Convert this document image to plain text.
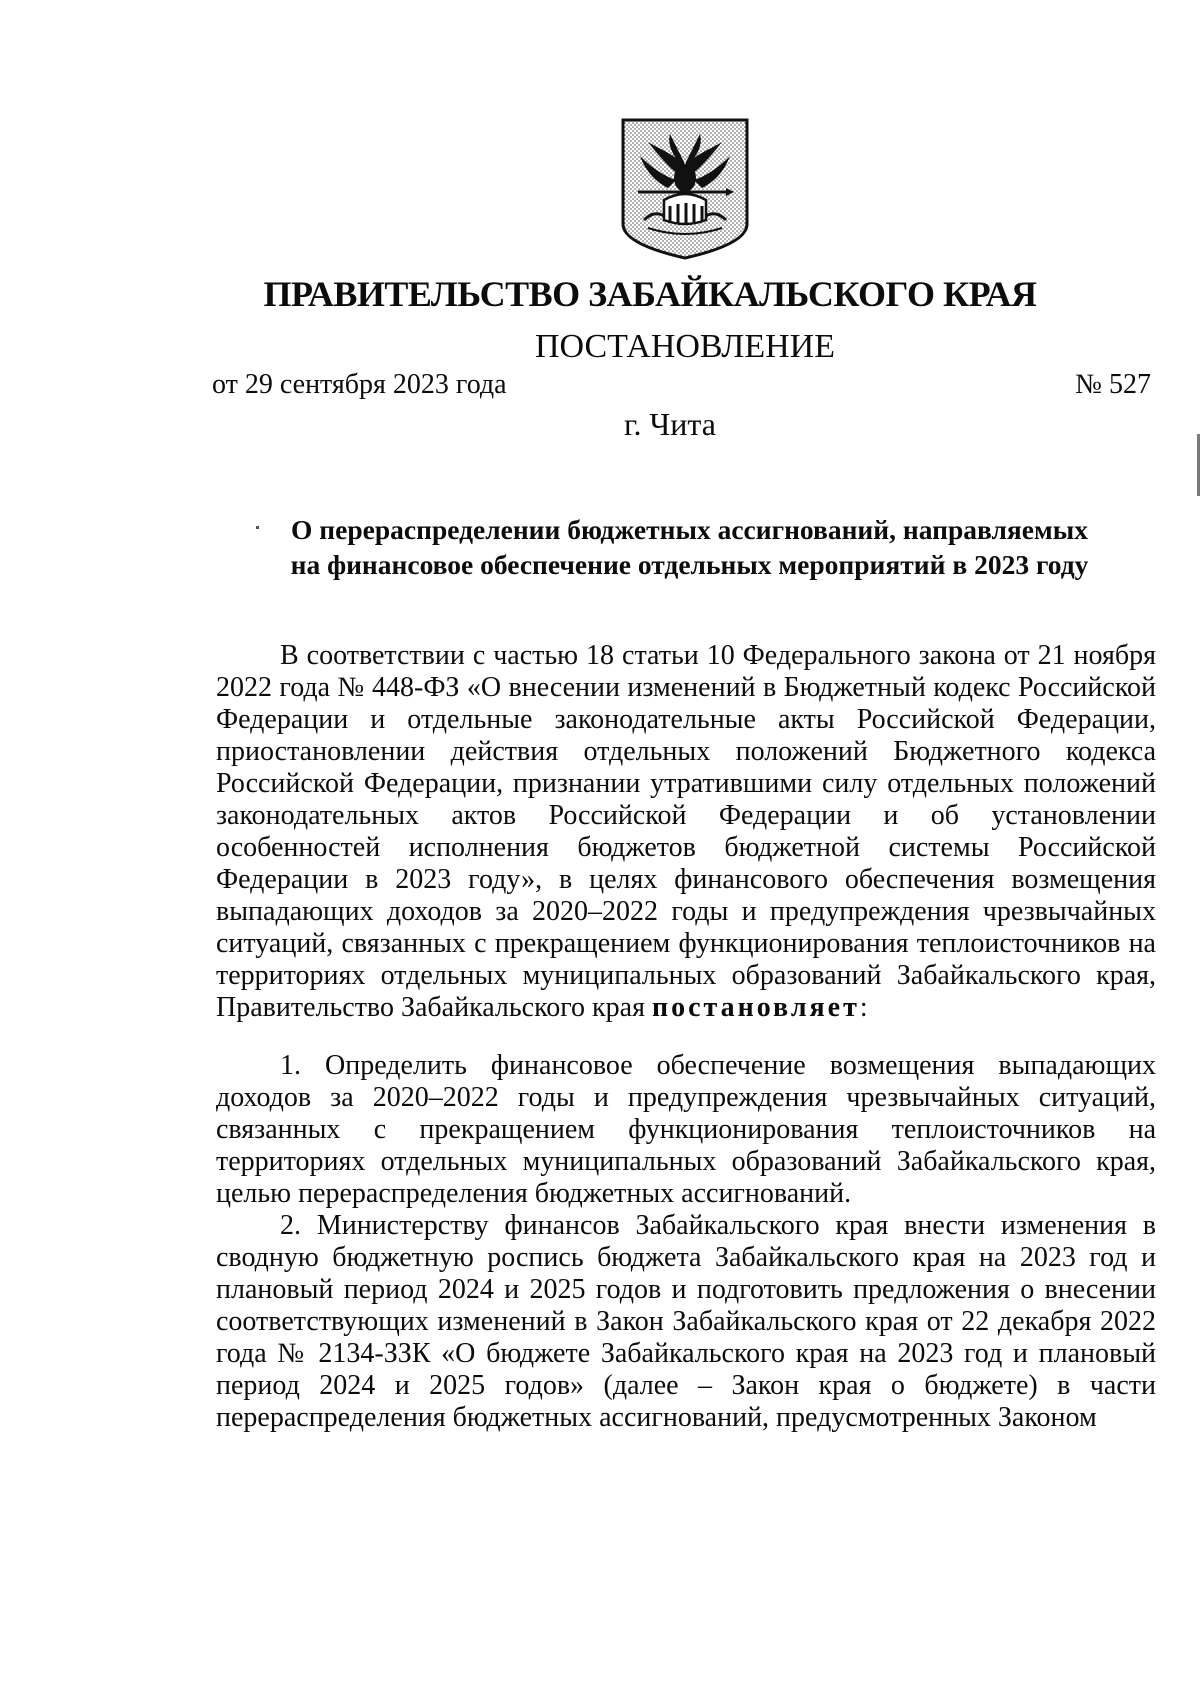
ПРАВИТЕЛЬСТВО ЗАБАЙКАЛЬСКОГО КРАЯ
ПОСТАНОВЛЕНИЕ
от 29 сентября 2023 года	№ 527
г. Чита
О перераспределении бюджетных ассигнований, направляемых
на финансовое обеспечение отдельных мероприятий в 2023 году

В соответствии с частью 18 статьи 10 Федерального закона от 21 ноября 2022 года № 448-ФЗ «О внесении изменений в Бюджетный кодекс Российской Федерации и отдельные законодательные акты Российской Федерации, приостановлении действия отдельных положений Бюджетного кодекса Российской Федерации, признании утратившими силу отдельных положений законодательных актов Российской Федерации и об установлении особенностей исполнения бюджетов бюджетной системы Российской Федерации в 2023 году», в целях финансового обеспечения возмещения выпадающих доходов за 2020–2022 годы и предупреждения чрезвычайных ситуаций, связанных с прекращением функционирования теплоисточников на территориях отдельных муниципальных образований Забайкальского края, Правительство Забайкальского края постановляет:

1. Определить финансовое обеспечение возмещения выпадающих доходов за 2020–2022 годы и предупреждения чрезвычайных ситуаций, связанных с прекращением функционирования теплоисточников на территориях отдельных муниципальных образований Забайкальского края, целью перераспределения бюджетных ассигнований.

2. Министерству финансов Забайкальского края внести изменения в сводную бюджетную роспись бюджета Забайкальского края на 2023 год и плановый период 2024 и 2025 годов и подготовить предложения о внесении соответствующих изменений в Закон Забайкальского края от 22 декабря 2022 года № 2134-ЗЗК «О бюджете Забайкальского края на 2023 год и плановый период 2024 и 2025 годов» (далее – Закон края о бюджете) в части перераспределения бюджетных ассигнований, предусмотренных Законом
